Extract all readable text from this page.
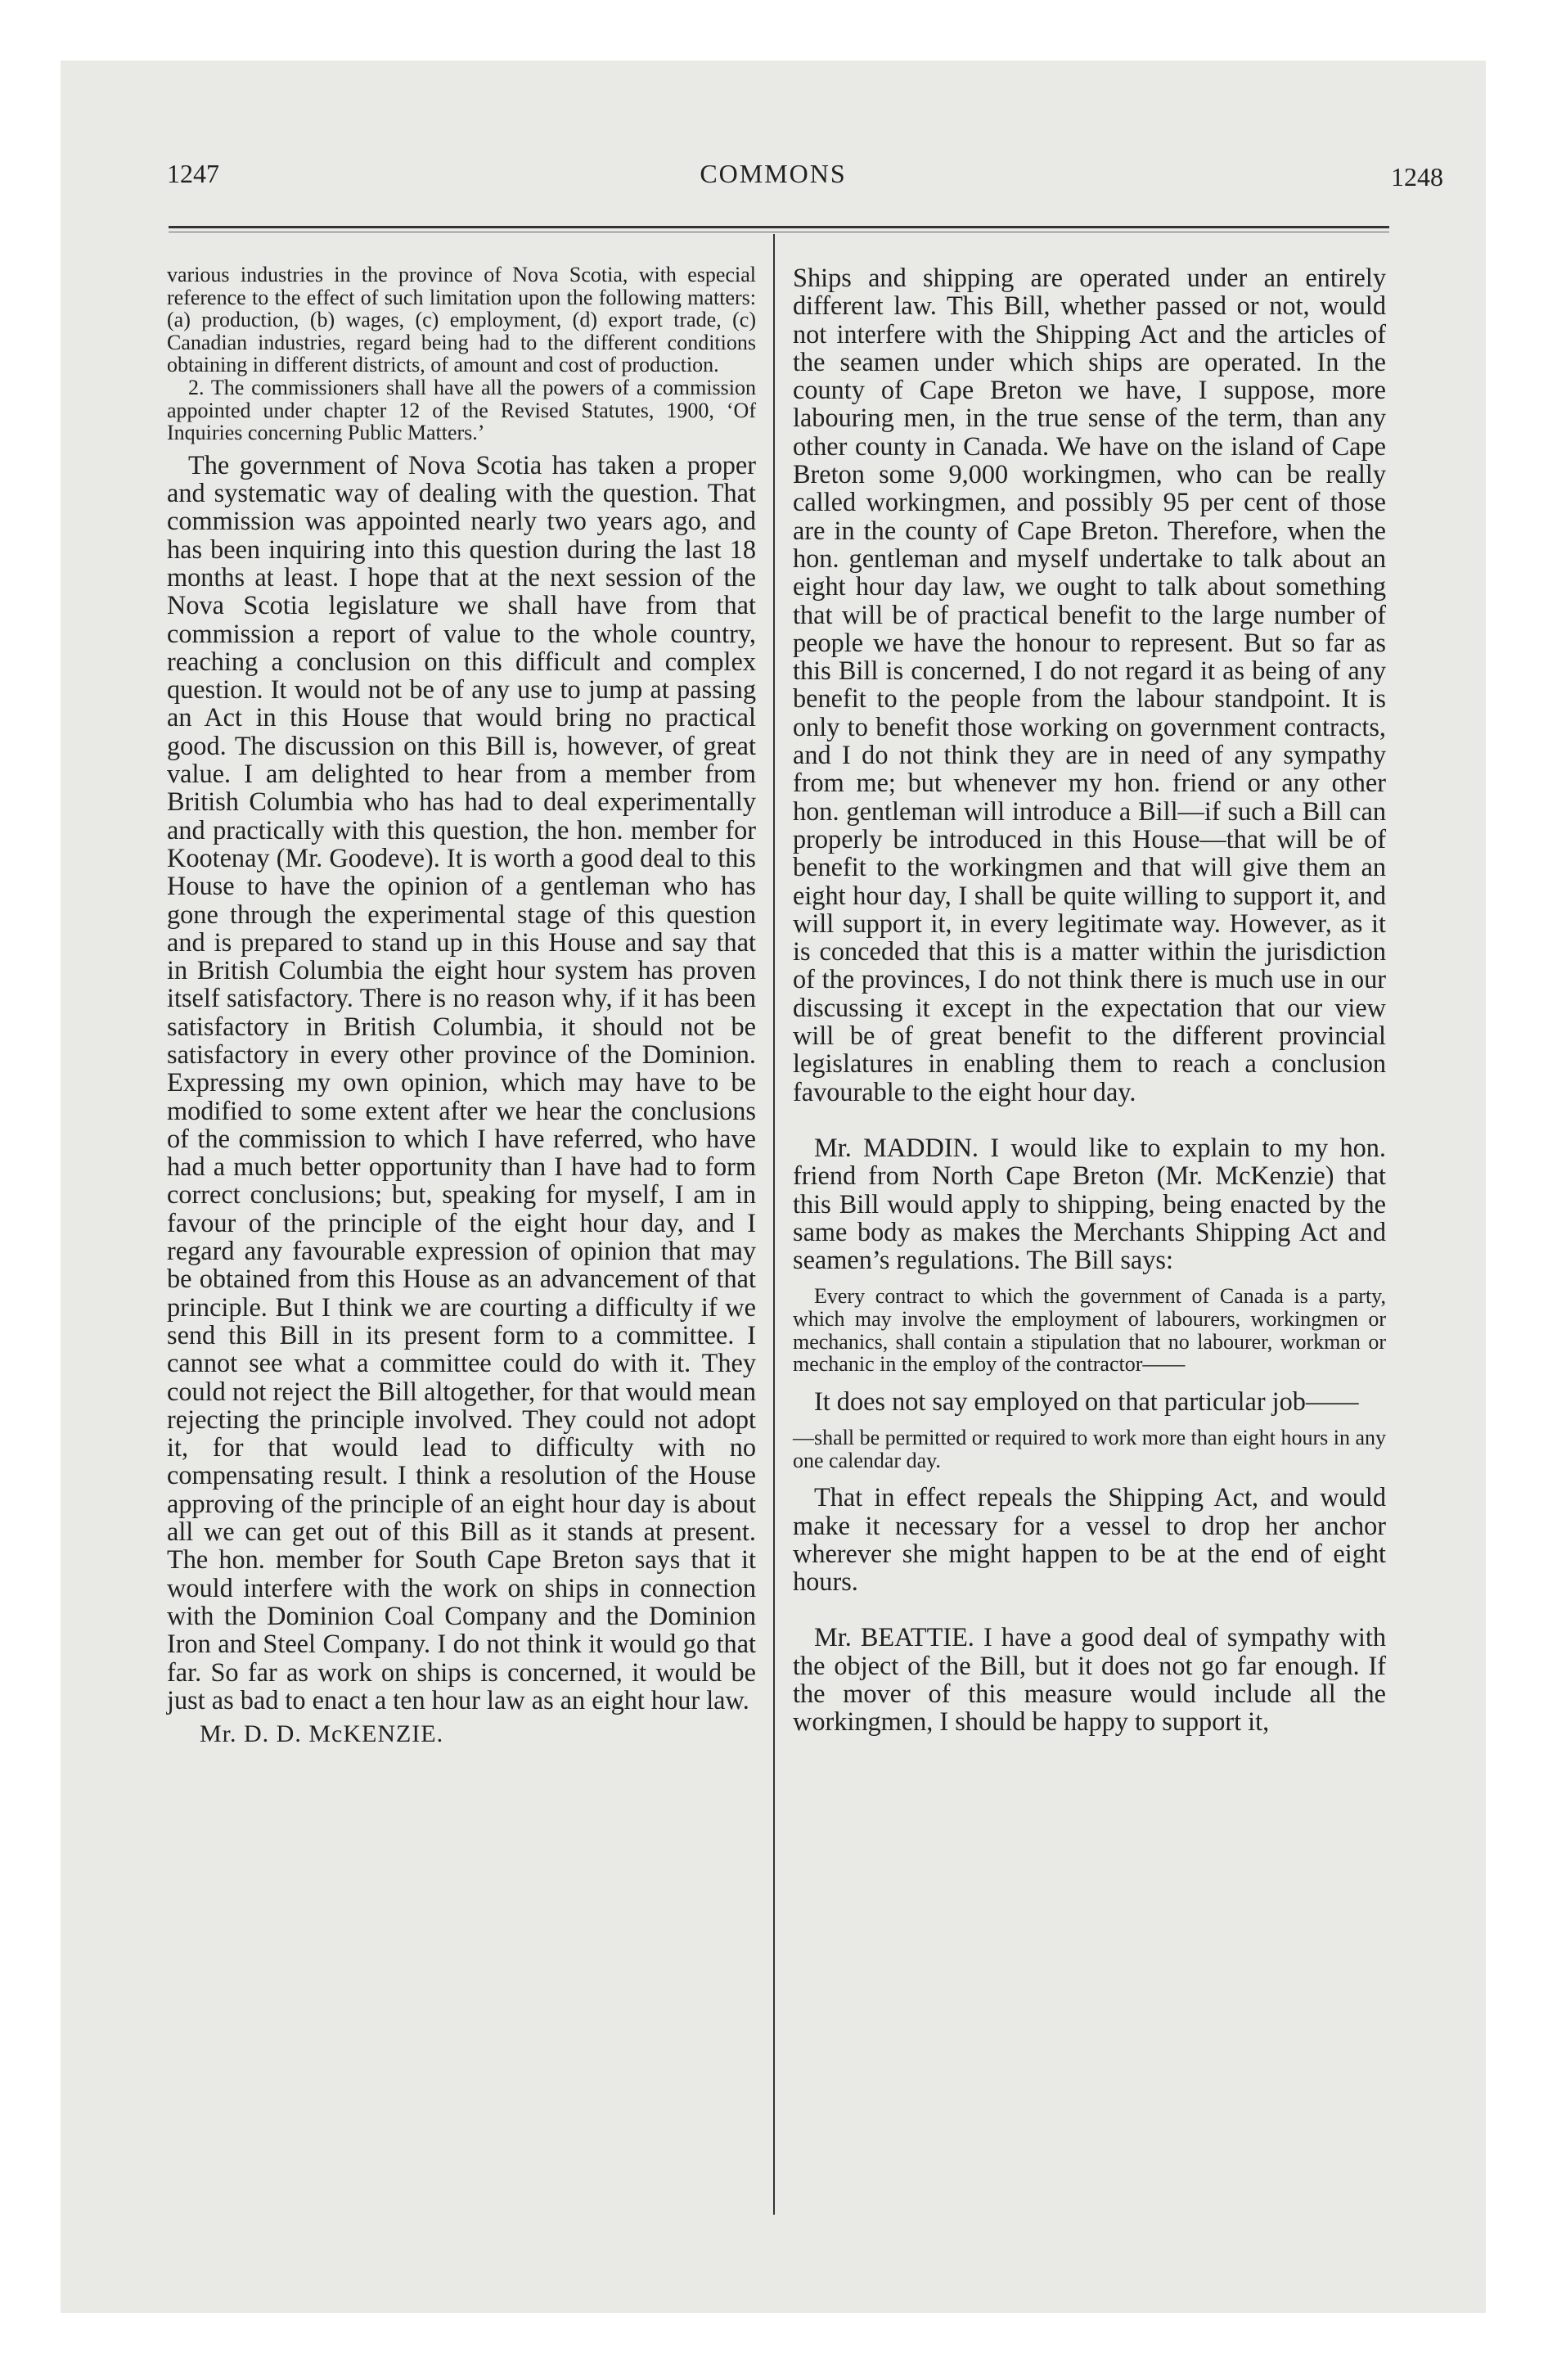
1247	COMMONS	1248

various industries in the province of Nova Scotia, with especial reference to the effect of such limitation upon the following matters: (a) production, (b) wages, (c) employment, (d) export trade, (c) Canadian industries, regard being had to the different conditions obtaining in different districts, of amount and cost of production.

2. The commissioners shall have all the powers of a commission appointed under chapter 12 of the Revised Statutes, 1900, ‘Of Inquiries concerning Public Matters.’

The government of Nova Scotia has taken a proper and systematic way of dealing with the question. That commission was appointed nearly two years ago, and has been inquiring into this question during the last 18 months at least. I hope that at the next session of the Nova Scotia legislature we shall have from that commission a report of value to the whole country, reaching a conclusion on this difficult and complex question. It would not be of any use to jump at passing an Act in this House that would bring no practical good. The discussion on this Bill is, however, of great value. I am delighted to hear from a member from British Columbia who has had to deal experimentally and practically with this question, the hon. member for Kootenay (Mr. Goodeve). It is worth a good deal to this House to have the opinion of a gentleman who has gone through the experimental stage of this question and is prepared to stand up in this House and say that in British Columbia the eight hour system has proven itself satisfactory. There is no reason why, if it has been satisfactory in British Columbia, it should not be satisfactory in every other province of the Dominion. Expressing my own opinion, which may have to be modified to some extent after we hear the conclusions of the commission to which I have referred, who have had a much better opportunity than I have had to form correct conclusions; but, speaking for myself, I am in favour of the principle of the eight hour day, and I regard any favourable expression of opinion that may be obtained from this House as an advancement of that principle. But I think we are courting a difficulty if we send this Bill in its present form to a committee. I cannot see what a committee could do with it. They could not reject the Bill altogether, for that would mean rejecting the principle involved. They could not adopt it, for that would lead to difficulty with no compensating result. I think a resolution of the House approving of the principle of an eight hour day is about all we can get out of this Bill as it stands at present. The hon. member for South Cape Breton says that it would interfere with the work on ships in connection with the Dominion Coal Company and the Dominion Iron and Steel Company. I do not think it would go that far. So far as work on ships is concerned, it would be just as bad to enact a ten hour law as an eight hour law.

Mr. D. D. McKENZIE.

Ships and shipping are operated under an entirely different law. This Bill, whether passed or not, would not interfere with the Shipping Act and the articles of the seamen under which ships are operated. In the county of Cape Breton we have, I suppose, more labouring men, in the true sense of the term, than any other county in Canada. We have on the island of Cape Breton some 9,000 workingmen, who can be really called workingmen, and possibly 95 per cent of those are in the county of Cape Breton. Therefore, when the hon. gentleman and myself undertake to talk about an eight hour day law, we ought to talk about something that will be of practical benefit to the large number of people we have the honour to represent. But so far as this Bill is concerned, I do not regard it as being of any benefit to the people from the labour standpoint. It is only to benefit those working on government contracts, and I do not think they are in need of any sympathy from me; but whenever my hon. friend or any other hon. gentleman will introduce a Bill—if such a Bill can properly be introduced in this House—that will be of benefit to the workingmen and that will give them an eight hour day, I shall be quite willing to support it, and will support it, in every legitimate way. However, as it is conceded that this is a matter within the jurisdiction of the provinces, I do not think there is much use in our discussing it except in the expectation that our view will be of great benefit to the different provincial legislatures in enabling them to reach a conclusion favourable to the eight hour day.

Mr. MADDIN. I would like to explain to my hon. friend from North Cape Breton (Mr. McKenzie) that this Bill would apply to shipping, being enacted by the same body as makes the Merchants Shipping Act and seamen’s regulations. The Bill says:

Every contract to which the government of Canada is a party, which may involve the employment of labourers, workingmen or mechanics, shall contain a stipulation that no labourer, workman or mechanic in the employ of the contractor——

It does not say employed on that particular job——

—shall be permitted or required to work more than eight hours in any one calendar day.

That in effect repeals the Shipping Act, and would make it necessary for a vessel to drop her anchor wherever she might happen to be at the end of eight hours.

Mr. BEATTIE. I have a good deal of sympathy with the object of the Bill, but it does not go far enough. If the mover of this measure would include all the workingmen, I should be happy to support it,
